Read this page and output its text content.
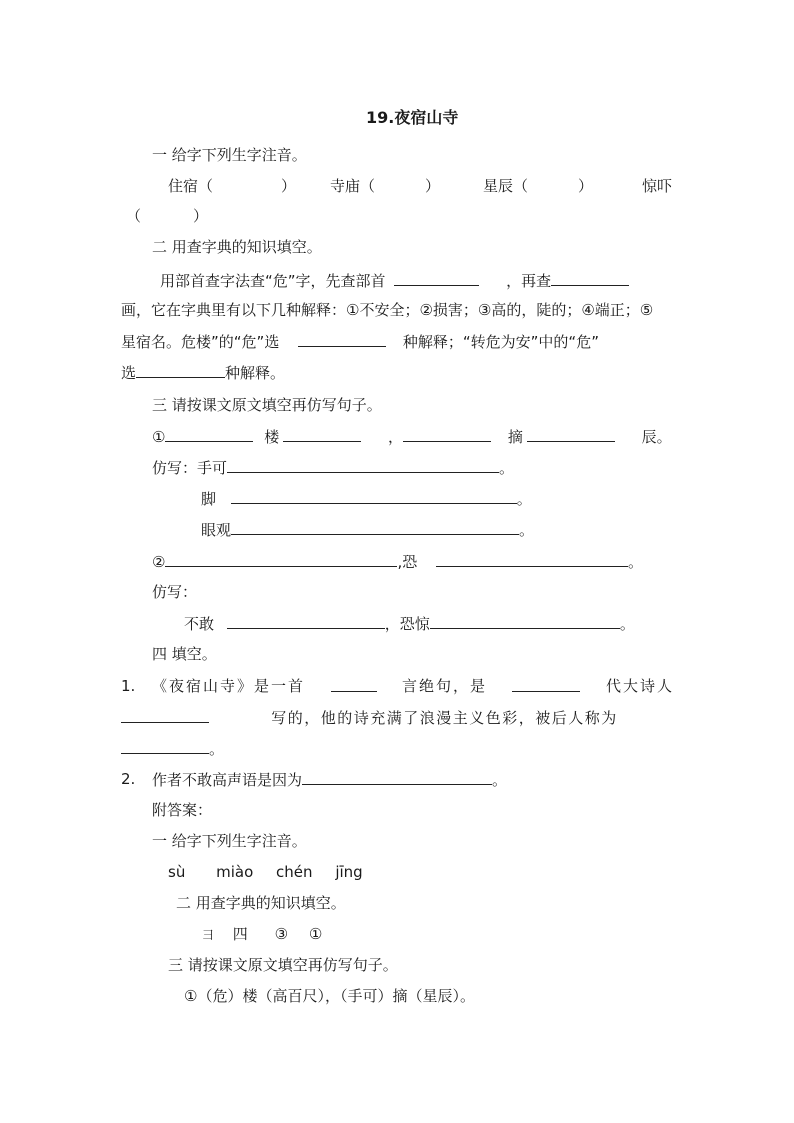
19.夜宿山寺
一 给字下列生字注音。
住宿（	） 寺庙（	）	星辰（	）	惊吓
（	）
二 用查字典的知识填空。
用部首查字法查“危”字，先查部首	，再查
画，它在字典里有以下几种解释：①不安全；②损害；③高的，陡的；④端正；⑤
星宿名。危楼”的“危”选	种解释；“转危为安”中的“危”
选	种解释。
三 请按课文原文填空再仿写句子。
①	楼	，	摘	辰。
仿写：手可	。
脚	。
眼观	。
②	,恐	。
仿写：
不敢	，恐惊	。
四 填空。
1. 《夜宿山寺》是一首	言绝句，是	代大诗人
写的，他的诗充满了浪漫主义色彩，被后人称为
。
2. 作者不敢高声语是因为	。
附答案：
一 给字下列生字注音。
sù miào chén jīng
二 用查字典的知识填空。
⺕ 四 ③ ①
三 请按课文原文填空再仿写句子。
①（危）楼（高百尺），（手可）摘（星辰）。
